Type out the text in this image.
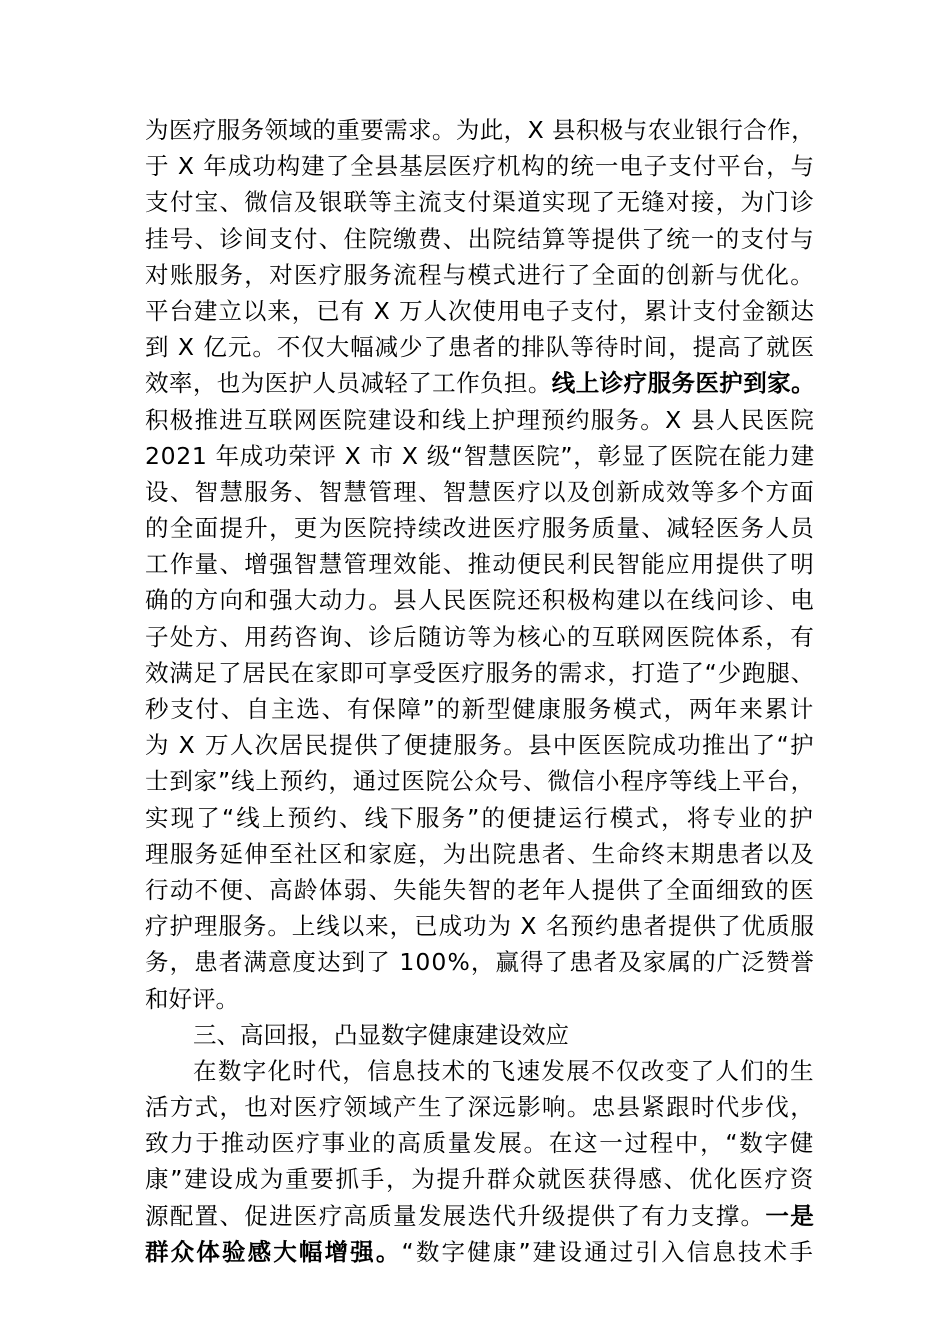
为医疗服务领域的重要需求。为此，X 县积极与农业银行合作，
于 X 年成功构建了全县基层医疗机构的统一电子支付平台，与
支付宝、微信及银联等主流支付渠道实现了无缝对接，为门诊
挂号、诊间支付、住院缴费、出院结算等提供了统一的支付与
对账服务，对医疗服务流程与模式进行了全面的创新与优化。
平台建立以来，已有 X 万人次使用电子支付，累计支付金额达
到 X 亿元。不仅大幅减少了患者的排队等待时间，提高了就医
效率，也为医护人员减轻了工作负担。线上诊疗服务医护到家。
积极推进互联网医院建设和线上护理预约服务。X 县人民医院
2021 年成功荣评 X 市 X 级“智慧医院”，彰显了医院在能力建
设、智慧服务、智慧管理、智慧医疗以及创新成效等多个方面
的全面提升，更为医院持续改进医疗服务质量、减轻医务人员
工作量、增强智慧管理效能、推动便民利民智能应用提供了明
确的方向和强大动力。县人民医院还积极构建以在线问诊、电
子处方、用药咨询、诊后随访等为核心的互联网医院体系，有
效满足了居民在家即可享受医疗服务的需求，打造了“少跑腿、
秒支付、自主选、有保障”的新型健康服务模式，两年来累计
为 X 万人次居民提供了便捷服务。县中医医院成功推出了“护
士到家”线上预约，通过医院公众号、微信小程序等线上平台，
实现了“线上预约、线下服务”的便捷运行模式，将专业的护
理服务延伸至社区和家庭，为出院患者、生命终末期患者以及
行动不便、高龄体弱、失能失智的老年人提供了全面细致的医
疗护理服务。上线以来，已成功为 X 名预约患者提供了优质服
务，患者满意度达到了 100%，赢得了患者及家属的广泛赞誉
和好评。
三、高回报，凸显数字健康建设效应
在数字化时代，信息技术的飞速发展不仅改变了人们的生
活方式，也对医疗领域产生了深远影响。忠县紧跟时代步伐，
致力于推动医疗事业的高质量发展。在这一过程中，“数字健
康”建设成为重要抓手，为提升群众就医获得感、优化医疗资
源配置、促进医疗高质量发展迭代升级提供了有力支撑。一是
群众体验感大幅增强。“数字健康”建设通过引入信息技术手
